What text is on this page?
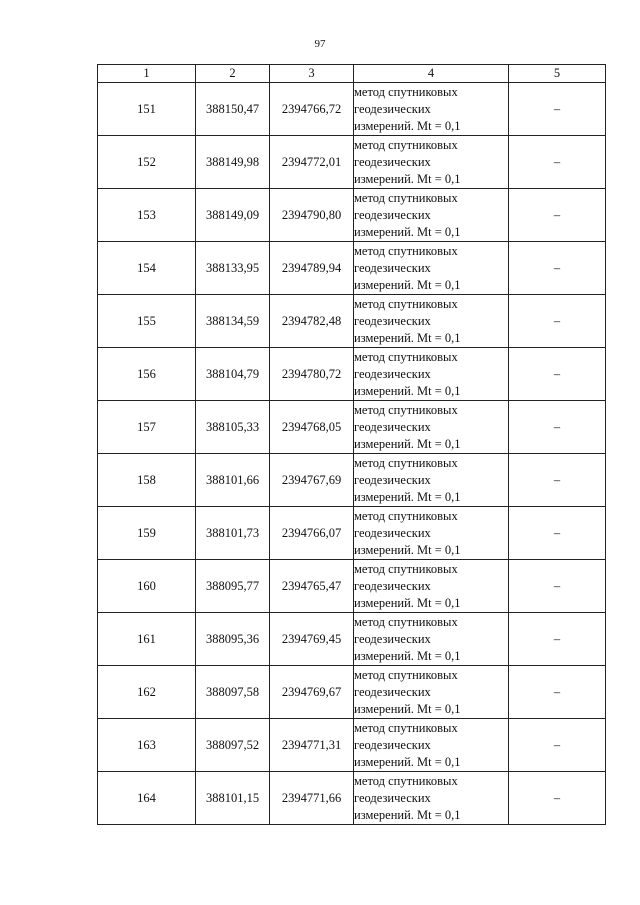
97
1	2	3	4	5
151	388150,47	2394766,72	метод спутниковых
геодезических
измерений. Mt = 0,1	–
152	388149,98	2394772,01	метод спутниковых
геодезических
измерений. Mt = 0,1	–
153	388149,09	2394790,80	метод спутниковых
геодезических
измерений. Mt = 0,1	–
154	388133,95	2394789,94	метод спутниковых
геодезических
измерений. Mt = 0,1	–
155	388134,59	2394782,48	метод спутниковых
геодезических
измерений. Mt = 0,1	–
156	388104,79	2394780,72	метод спутниковых
геодезических
измерений. Mt = 0,1	–
157	388105,33	2394768,05	метод спутниковых
геодезических
измерений. Mt = 0,1	–
158	388101,66	2394767,69	метод спутниковых
геодезических
измерений. Mt = 0,1	–
159	388101,73	2394766,07	метод спутниковых
геодезических
измерений. Mt = 0,1	–
160	388095,77	2394765,47	метод спутниковых
геодезических
измерений. Mt = 0,1	–
161	388095,36	2394769,45	метод спутниковых
геодезических
измерений. Mt = 0,1	–
162	388097,58	2394769,67	метод спутниковых
геодезических
измерений. Mt = 0,1	–
163	388097,52	2394771,31	метод спутниковых
геодезических
измерений. Mt = 0,1	–
164	388101,15	2394771,66	метод спутниковых
геодезических
измерений. Mt = 0,1	–
